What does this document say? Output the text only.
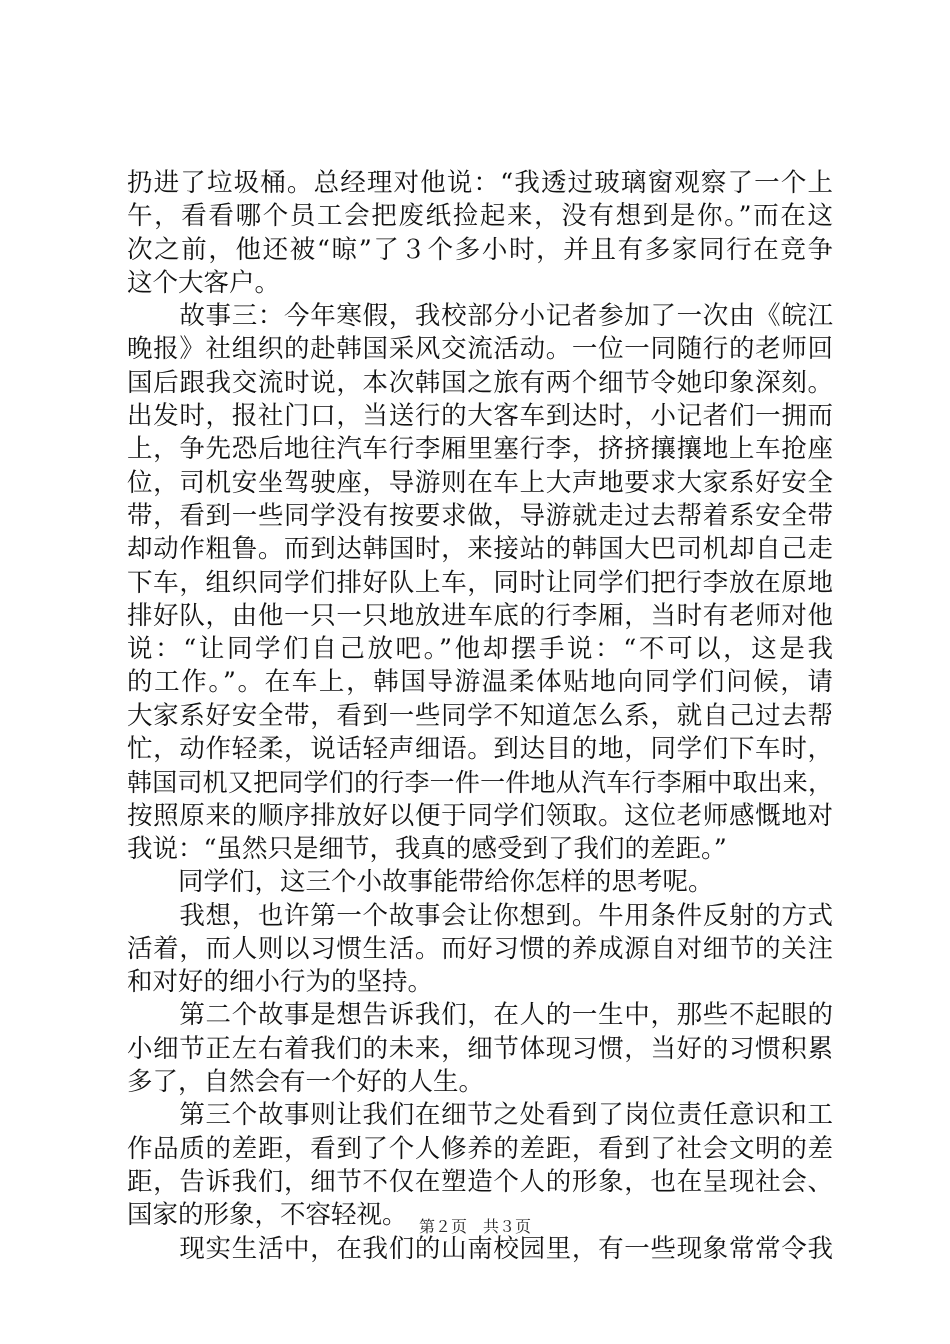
扔进了垃圾桶。总经理对他说：“我透过玻璃窗观察了一个上
午，看看哪个员工会把废纸捡起来，没有想到是你。”而在这
次之前，他还被“晾”了３个多小时，并且有多家同行在竞争
这个大客户。
　　故事三：今年寒假，我校部分小记者参加了一次由《皖江
晚报》社组织的赴韩国采风交流活动。一位一同随行的老师回
国后跟我交流时说，本次韩国之旅有两个细节令她印象深刻。
出发时，报社门口，当送行的大客车到达时，小记者们一拥而
上，争先恐后地往汽车行李厢里塞行李，挤挤攘攘地上车抢座
位，司机安坐驾驶座，导游则在车上大声地要求大家系好安全
带，看到一些同学没有按要求做，导游就走过去帮着系安全带
却动作粗鲁。而到达韩国时，来接站的韩国大巴司机却自己走
下车，组织同学们排好队上车，同时让同学们把行李放在原地
排好队，由他一只一只地放进车底的行李厢，当时有老师对他
说：“让同学们自己放吧。”他却摆手说：“不可以，这是我
的工作。”。在车上，韩国导游温柔体贴地向同学们问候，请
大家系好安全带，看到一些同学不知道怎么系，就自己过去帮
忙，动作轻柔，说话轻声细语。到达目的地，同学们下车时，
韩国司机又把同学们的行李一件一件地从汽车行李厢中取出来，
按照原来的顺序排放好以便于同学们领取。这位老师感慨地对
我说：“虽然只是细节，我真的感受到了我们的差距。”
　　同学们，这三个小故事能带给你怎样的思考呢。
　　我想，也许第一个故事会让你想到。牛用条件反射的方式
活着，而人则以习惯生活。而好习惯的养成源自对细节的关注
和对好的细小行为的坚持。
　　第二个故事是想告诉我们，在人的一生中，那些不起眼的
小细节正左右着我们的未来，细节体现习惯，当好的习惯积累
多了，自然会有一个好的人生。
　　第三个故事则让我们在细节之处看到了岗位责任意识和工
作品质的差距，看到了个人修养的差距，看到了社会文明的差
距，告诉我们，细节不仅在塑造个人的形象，也在呈现社会、
国家的形象，不容轻视。
　　现实生活中，在我们的山南校园里，有一些现象常常令我
第２页　共３页
